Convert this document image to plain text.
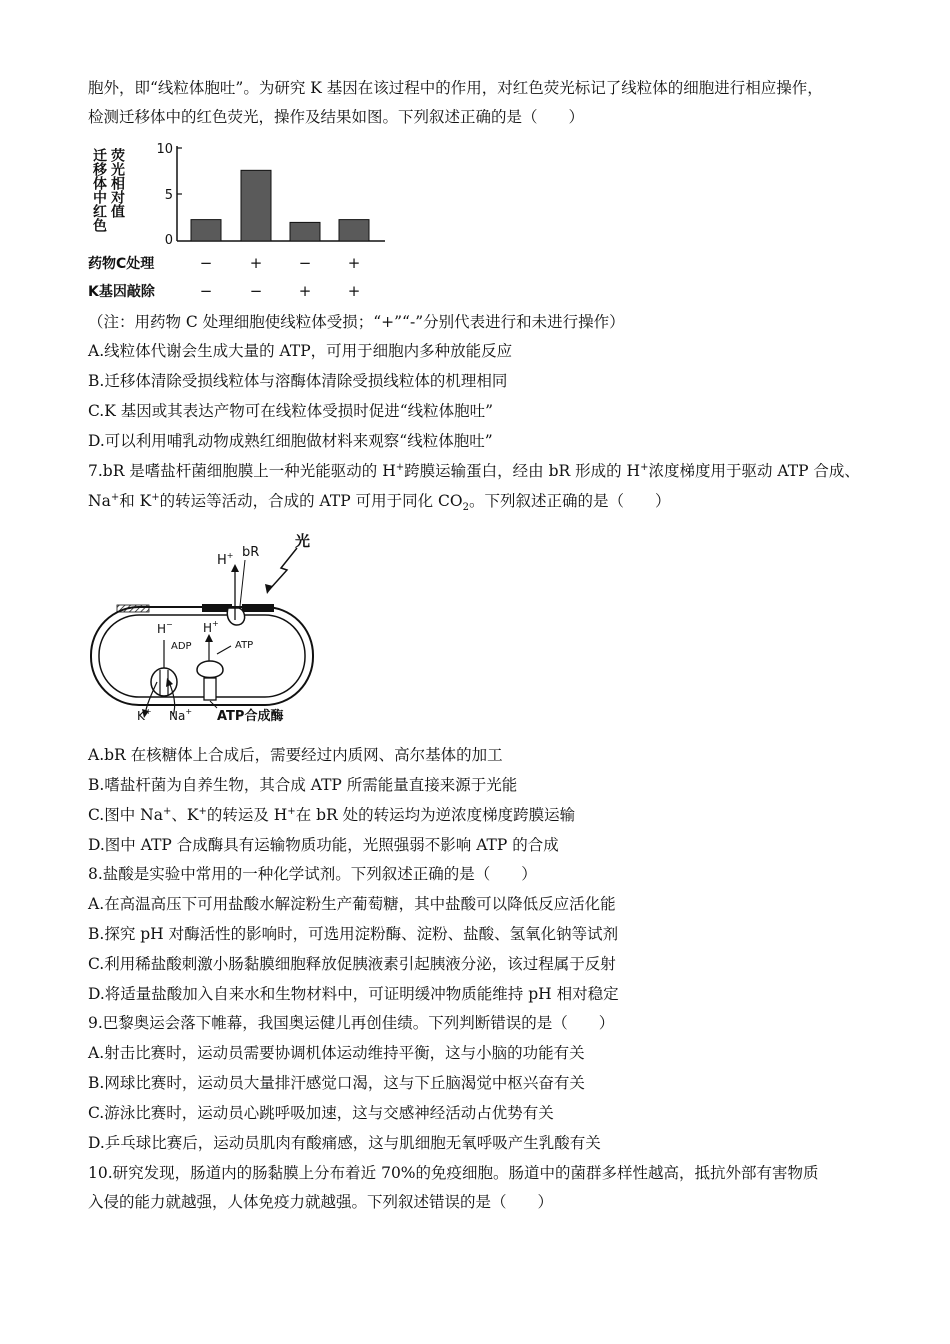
胞外，即“线粒体胞吐”。为研究 K 基因在该过程中的作用，对红色荧光标记了线粒体的细胞进行相应操作，
检测迁移体中的红色荧光，操作及结果如图。下列叙述正确的是（　　）
迁移体中红色 荧光相对值 10
5
0
药物C处理
K基因敲除
− + − +
− − + +
（注：用药物 C 处理细胞使线粒体受损；“+”“-”分别代表进行和未进行操作）
A.线粒体代谢会生成大量的 ATP，可用于细胞内多种放能反应
B.迁移体清除受损线粒体与溶酶体清除受损线粒体的机理相同
C.K 基因或其表达产物可在线粒体受损时促进“线粒体胞吐”
D.可以利用哺乳动物成熟红细胞做材料来观察“线粒体胞吐”
7.bR 是嗜盐杆菌细胞膜上一种光能驱动的 H+跨膜运输蛋白，经由 bR 形成的 H+浓度梯度用于驱动 ATP 合成、
Na+和 K+的转运等活动，合成的 ATP 可用于同化 $CO_2$。下列叙述正确的是（　　）
H+ bR
光
H−
ADP
H+
ATP
K+ Na+ ATP合成酶
A.bR 在核糖体上合成后，需要经过内质网、高尔基体的加工
B.嗜盐杆菌为自养生物，其合成 ATP 所需能量直接来源于光能
C.图中 Na+、K+的转运及 H+在 bR 处的转运均为逆浓度梯度跨膜运输
D.图中 ATP 合成酶具有运输物质功能，光照强弱不影响 ATP 的合成
8.盐酸是实验中常用的一种化学试剂。下列叙述正确的是（　　）
A.在高温高压下可用盐酸水解淀粉生产葡萄糖，其中盐酸可以降低反应活化能
B.探究 pH 对酶活性的影响时，可选用淀粉酶、淀粉、盐酸、氢氧化钠等试剂
C.利用稀盐酸刺激小肠黏膜细胞释放促胰液素引起胰液分泌，该过程属于反射
D.将适量盐酸加入自来水和生物材料中，可证明缓冲物质能维持 pH 相对稳定
9.巴黎奥运会落下帷幕，我国奥运健儿再创佳绩。下列判断错误的是（　　）
A.射击比赛时，运动员需要协调机体运动维持平衡，这与小脑的功能有关
B.网球比赛时，运动员大量排汗感觉口渴，这与下丘脑渴觉中枢兴奋有关
C.游泳比赛时，运动员心跳呼吸加速，这与交感神经活动占优势有关
D.乒乓球比赛后，运动员肌肉有酸痛感，这与肌细胞无氧呼吸产生乳酸有关
10.研究发现，肠道内的肠黏膜上分布着近 70%的免疫细胞。肠道中的菌群多样性越高，抵抗外部有害物质
入侵的能力就越强，人体免疫力就越强。下列叙述错误的是（　　）
